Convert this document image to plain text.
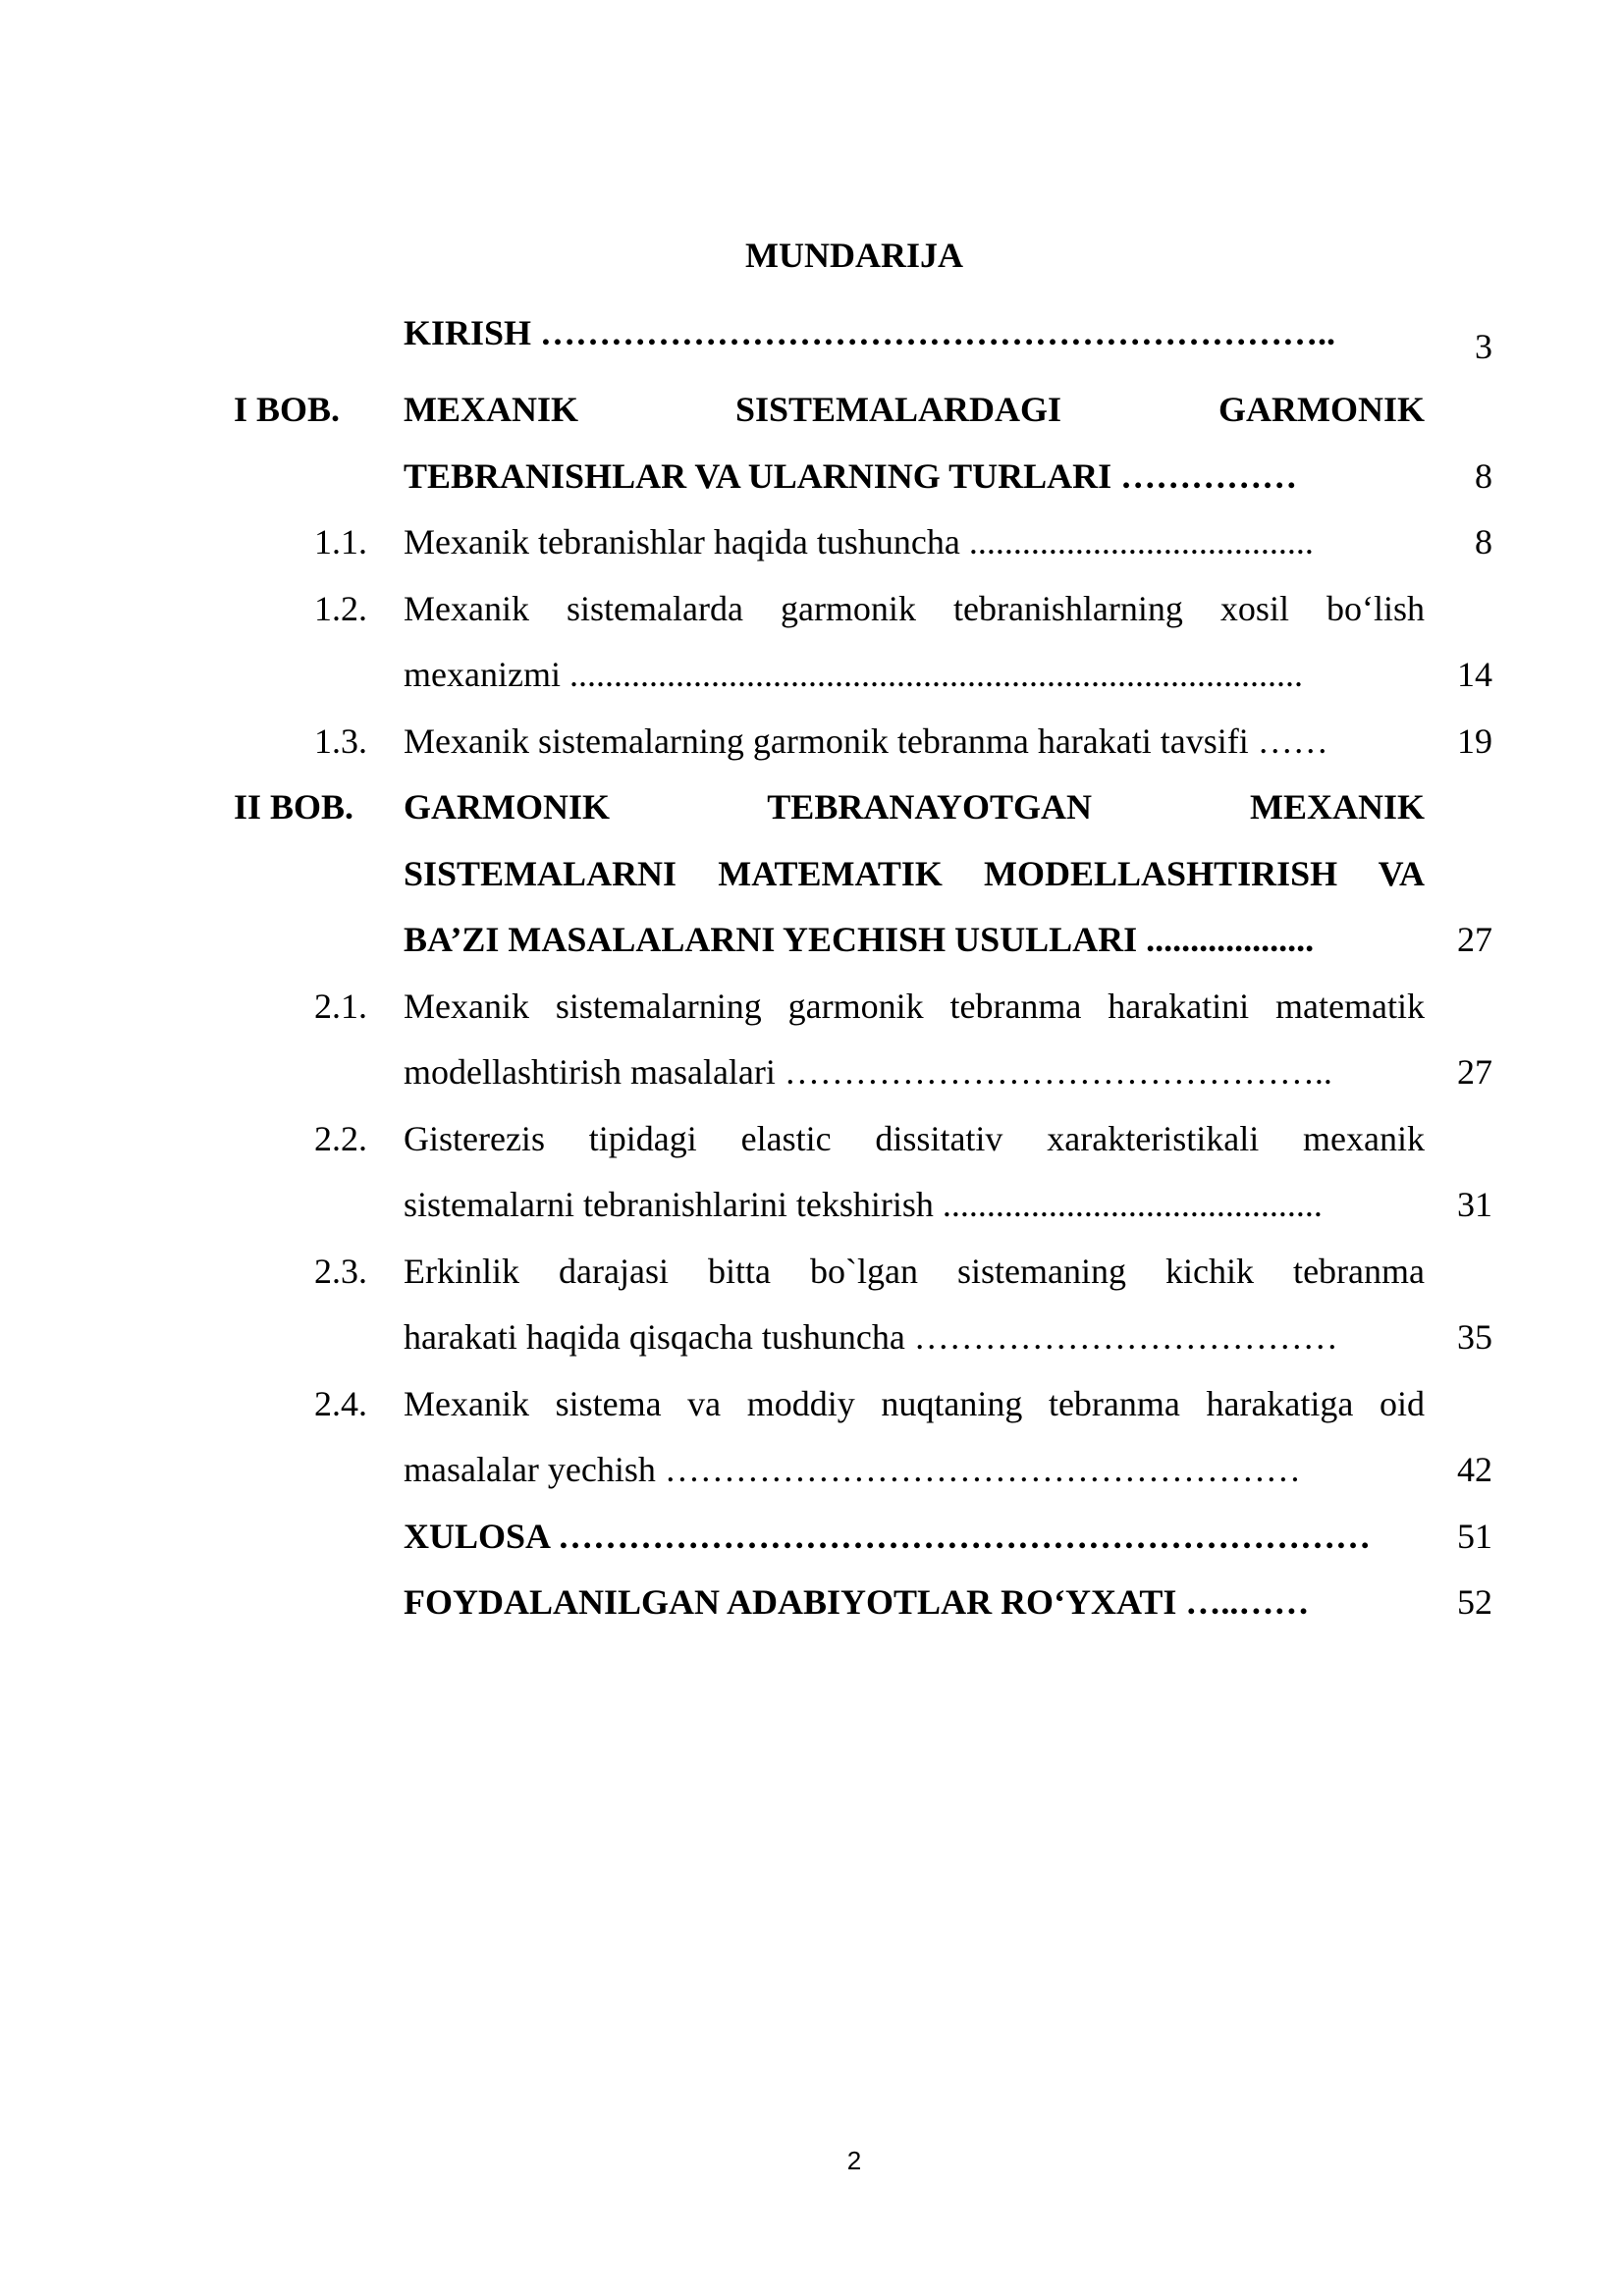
MUNDARIJA
KIRISH …………………………………………………………..	3
I BOB. MEXANIK SISTEMALARDAGI GARMONIK
TEBRANISHLAR VA ULARNING TURLARI ……………	8
1.1. Mexanik tebranishlar haqida tushuncha .......................................	8
1.2. Mexanik sistemalarda garmonik tebranishlarning xosil bo‘lish
mexanizmi ...................................................................................	14
1.3. Mexanik sistemalarning garmonik tebranma harakati tavsifi ……	19
II BOB. GARMONIK TEBRANAYOTGAN MEXANIK
SISTEMALARNI MATEMATIK MODELLASHTIRISH VA
BA’ZI MASALALARNI YECHISH USULLARI ...................	27
2.1. Mexanik sistemalarning garmonik tebranma harakatini matematik
modellashtirish masalalari ………………………………………..	27
2.2. Gisterezis tipidagi elastic dissitativ xarakteristikali mexanik
sistemalarni tebranishlarini tekshirish ...........................................	31
2.3. Erkinlik darajasi bitta bo`lgan sistemaning kichik tebranma
harakati haqida qisqacha tushuncha ………………………………	35
2.4. Mexanik sistema va moddiy nuqtaning tebranma harakatiga oid
masalalar yechish ………………………………………………	42
XULOSA …………………………………………………………… 51
FOYDALANILGAN ADABIYOTLAR RO‘YXATI …..……	52
2
